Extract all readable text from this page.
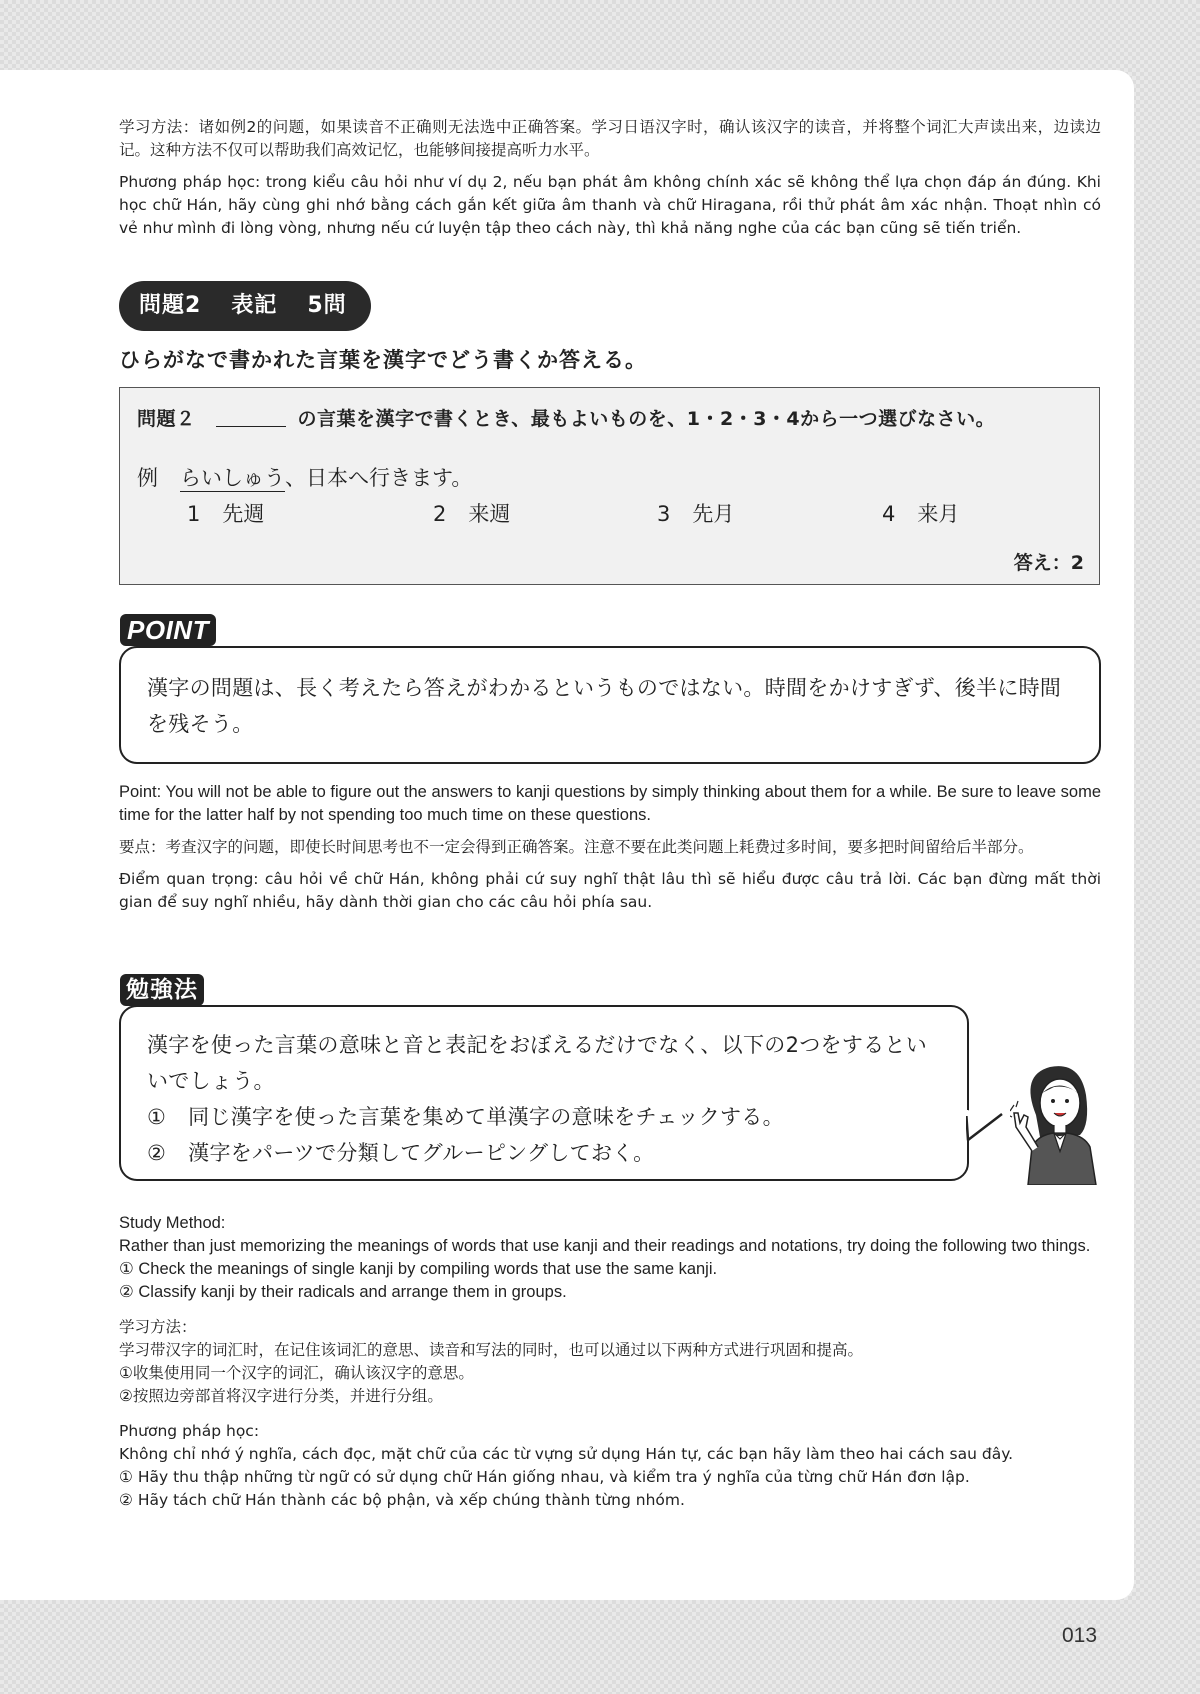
学习方法：诸如例2的问题，如果读音不正确则无法选中正确答案。学习日语汉字时，确认该汉字的读音，并将整个词汇大声读出来，边读边记。这种方法不仅可以帮助我们高效记忆，也能够间接提高听力水平。

Phương pháp học: trong kiểu câu hỏi như ví dụ 2, nếu bạn phát âm không chính xác sẽ không thể lựa chọn đáp án đúng. Khi học chữ Hán, hãy cùng ghi nhớ bằng cách gắn kết giữa âm thanh và chữ Hiragana, rồi thử phát âm xác nhận. Thoạt nhìn có vẻ như mình đi lòng vòng, nhưng nếu cứ luyện tập theo cách này, thì khả năng nghe của các bạn cũng sẽ tiến triển.

問題2 表記 5問
ひらがなで書かれた言葉を漢字でどう書くか答える。
問題２	の言葉を漢字で書くとき、最もよいものを、1・2・3・4から一つ選びなさい。
例 らいしゅう、日本へ行きます。
1 先週	2 来週	3 先月	4 来月
答え：2
POINT
漢字の問題は、長く考えたら答えがわかるというものではない。時間をかけすぎず、後半に時間を残そう。

Point: You will not be able to figure out the answers to kanji questions by simply thinking about them for a while. Be sure to leave some time for the latter half by not spending too much time on these questions.

要点：考查汉字的问题，即使长时间思考也不一定会得到正确答案。注意不要在此类问题上耗费过多时间，要多把时间留给后半部分。

Điểm quan trọng: câu hỏi về chữ Hán, không phải cứ suy nghĩ thật lâu thì sẽ hiểu được câu trả lời. Các bạn đừng mất thời gian để suy nghĩ nhiều, hãy dành thời gian cho các câu hỏi phía sau.

勉強法
漢字を使った言葉の意味と音と表記をおぼえるだけでなく、以下の2つをするといいでしょう。
① 同じ漢字を使った言葉を集めて単漢字の意味をチェックする。
② 漢字をパーツで分類してグルーピングしておく。

Study Method:

Rather than just memorizing the meanings of words that use kanji and their readings and notations, try doing the following two things.

① Check the meanings of single kanji by compiling words that use the same kanji.

② Classify kanji by their radicals and arrange them in groups.

学习方法：

学习带汉字的词汇时，在记住该词汇的意思、读音和写法的同时，也可以通过以下两种方式进行巩固和提高。

①收集使用同一个汉字的词汇，确认该汉字的意思。

②按照边旁部首将汉字进行分类，并进行分组。

Phương pháp học:

Không chỉ nhớ ý nghĩa, cách đọc, mặt chữ của các từ vựng sử dụng Hán tự, các bạn hãy làm theo hai cách sau đây.

① Hãy thu thập những từ ngữ có sử dụng chữ Hán giống nhau, và kiểm tra ý nghĩa của từng chữ Hán đơn lập.

② Hãy tách chữ Hán thành các bộ phận, và xếp chúng thành từng nhóm.

013
